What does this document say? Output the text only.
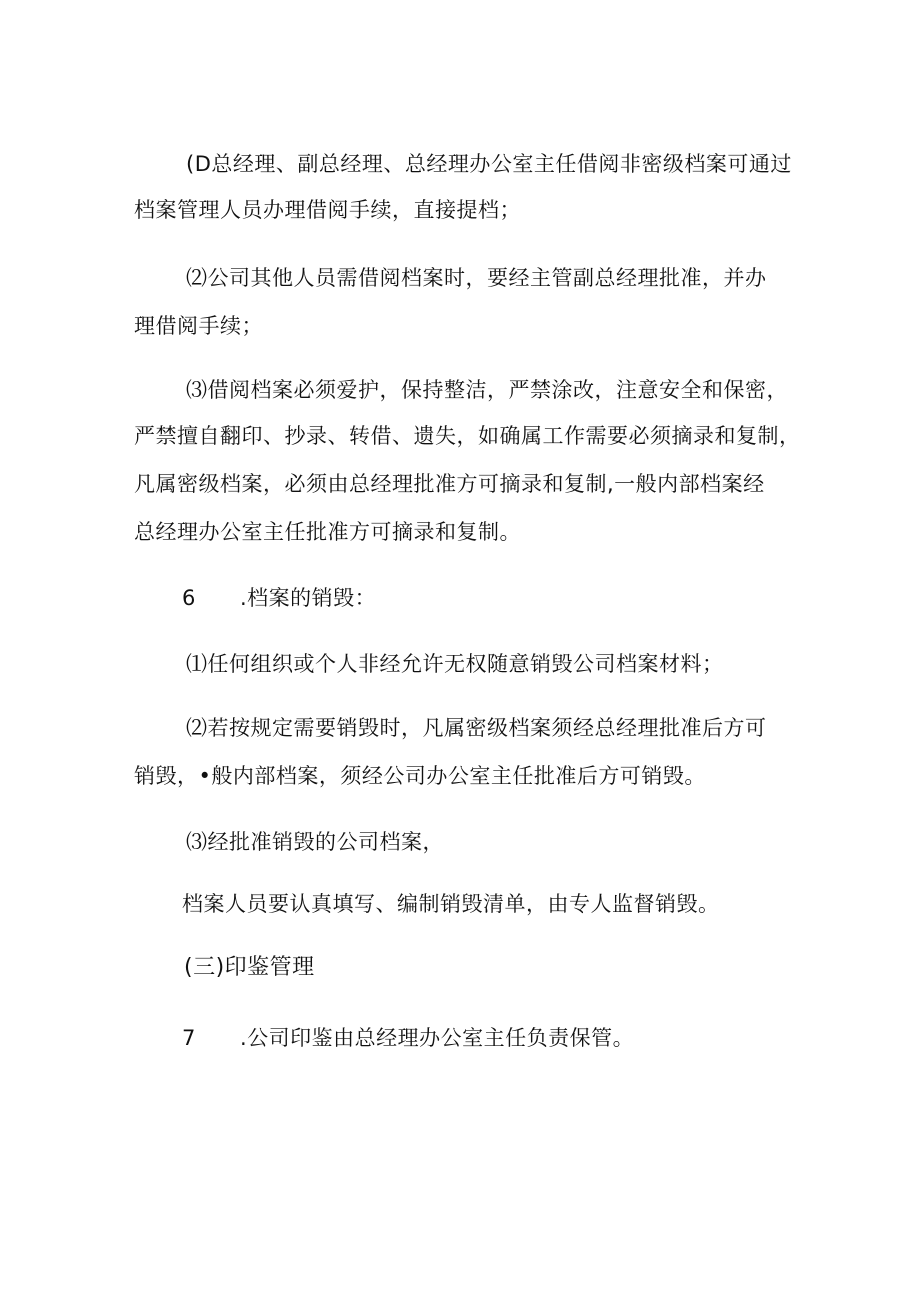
(D总经理、副总经理、总经理办公室主任借阅非密级档案可通过
档案管理人员办理借阅手续，直接提档；
⑵公司其他人员需借阅档案时，要经主管副总经理批准，并办
理借阅手续；
⑶借阅档案必须爱护，保持整洁，严禁涂改，注意安全和保密，
严禁擅自翻印、抄录、转借、遗失，如确属工作需要必须摘录和复制，
凡属密级档案，必须由总经理批准方可摘录和复制,一般内部档案经
总经理办公室主任批准方可摘录和复制。
6 .档案的销毁：
⑴任何组织或个人非经允许无权随意销毁公司档案材料；
⑵若按规定需要销毁时，凡属密级档案须经总经理批准后方可
销毁，•般内部档案，须经公司办公室主任批准后方可销毁。
⑶经批准销毁的公司档案，
档案人员要认真填写、编制销毁清单，由专人监督销毁。
(三)印鉴管理
7 .公司印鉴由总经理办公室主任负责保管。
